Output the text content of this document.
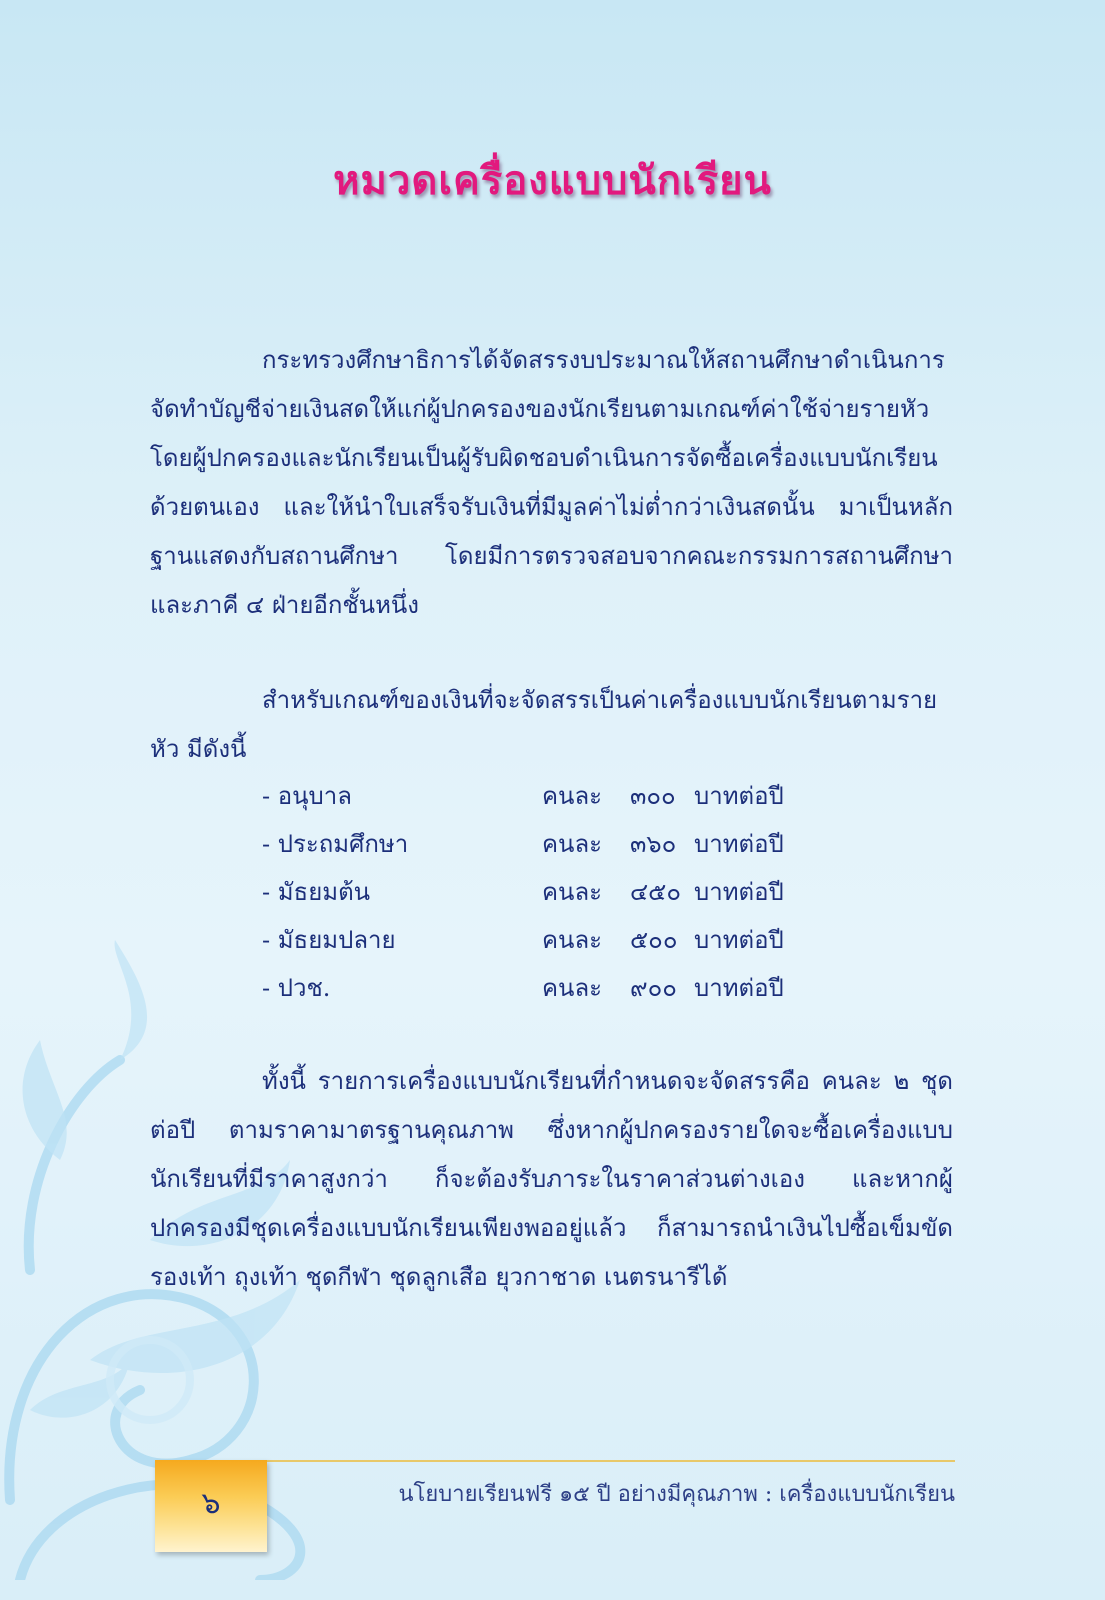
หมวดเครื่องแบบนักเรียน

กระทรวงศึกษาธิการได้จัดสรรงบประมาณให้สถานศึกษาดำเนินการจัดทำบัญชีจ่ายเงินสดให้แก่ผู้ปกครองของนักเรียนตามเกณฑ์ค่าใช้จ่ายรายหัว โดยผู้ปกครองและนักเรียนเป็นผู้รับผิดชอบดำเนินการจัดซื้อเครื่องแบบนักเรียนด้วยตนเอง และให้นำใบเสร็จรับเงินที่มีมูลค่าไม่ต่ำกว่าเงินสดนั้น มาเป็นหลักฐานแสดงกับสถานศึกษา โดยมีการตรวจสอบจากคณะกรรมการสถานศึกษาและภาคี ๔ ฝ่ายอีกชั้นหนึ่ง

สำหรับเกณฑ์ของเงินที่จะจัดสรรเป็นค่าเครื่องแบบนักเรียนตามรายหัว มีดังนี้

- อนุบาล	คนละ ๓๐๐ บาทต่อปี
- ประถมศึกษา	คนละ ๓๖๐ บาทต่อปี
- มัธยมต้น	คนละ ๔๕๐ บาทต่อปี
- มัธยมปลาย	คนละ ๕๐๐ บาทต่อปี
- ปวช.	คนละ ๙๐๐ บาทต่อปี

ทั้งนี้ รายการเครื่องแบบนักเรียนที่กำหนดจะจัดสรรคือ คนละ ๒ ชุดต่อปี ตามราคามาตรฐานคุณภาพ ซึ่งหากผู้ปกครองรายใดจะซื้อเครื่องแบบนักเรียนที่มีราคาสูงกว่า ก็จะต้องรับภาระในราคาส่วนต่างเอง และหากผู้ปกครองมีชุดเครื่องแบบนักเรียนเพียงพออยู่แล้ว ก็สามารถนำเงินไปซื้อเข็มขัด รองเท้า ถุงเท้า ชุดกีฬา ชุดลูกเสือ ยุวกาชาด เนตรนารีได้

๖	นโยบายเรียนฟรี ๑๕ ปี อย่างมีคุณภาพ : เครื่องแบบนักเรียน
